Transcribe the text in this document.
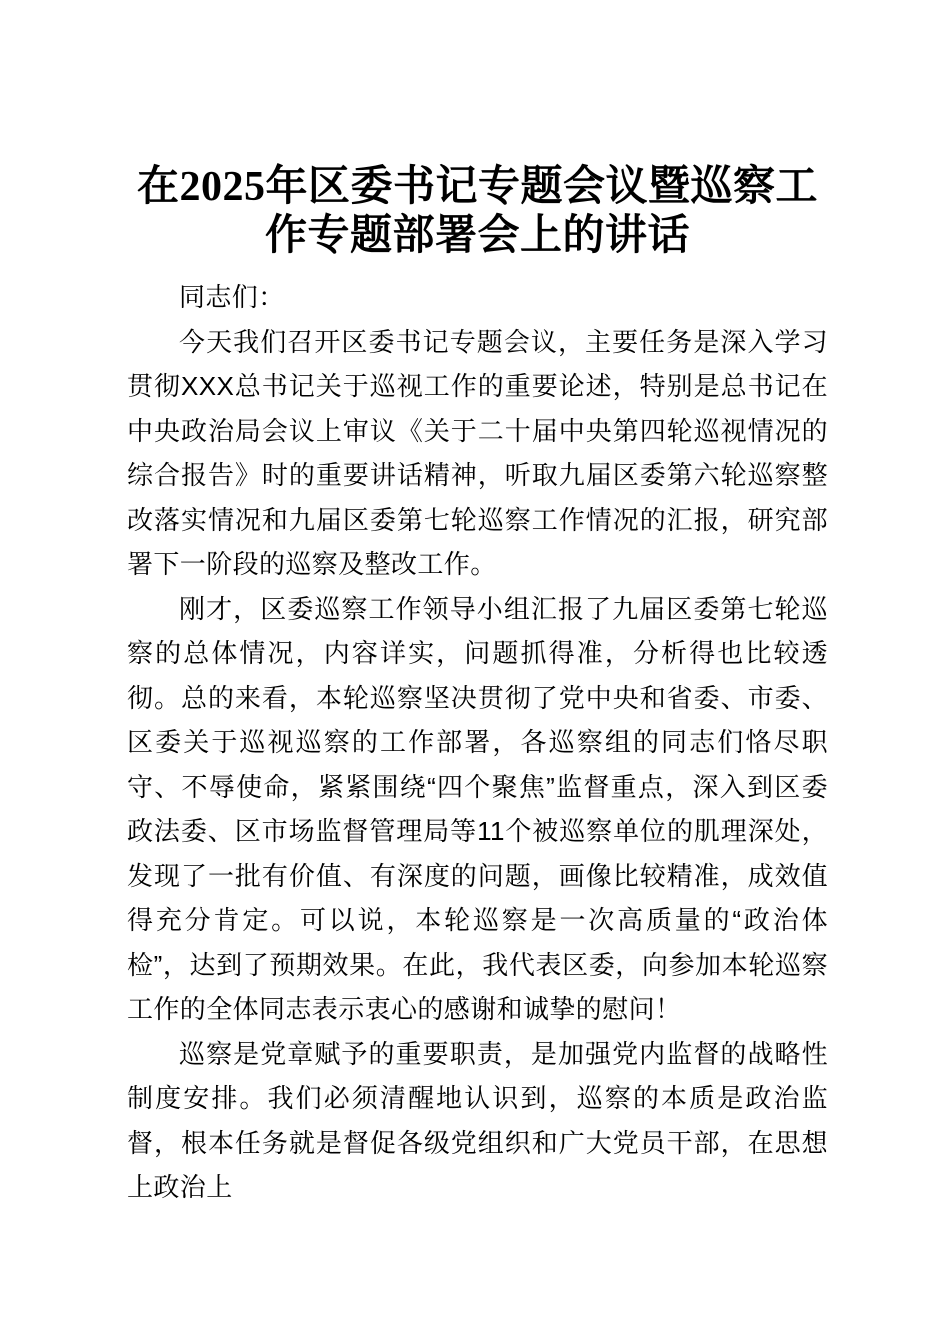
在2025年区委书记专题会议暨巡察工作专题部署会上的讲话

同志们：

今天我们召开区委书记专题会议，主要任务是深入学习贯彻XXX总书记关于巡视工作的重要论述，特别是总书记在中央政治局会议上审议《关于二十届中央第四轮巡视情况的综合报告》时的重要讲话精神，听取九届区委第六轮巡察整改落实情况和九届区委第七轮巡察工作情况的汇报，研究部署下一阶段的巡察及整改工作。

刚才，区委巡察工作领导小组汇报了九届区委第七轮巡察的总体情况，内容详实，问题抓得准，分析得也比较透彻。总的来看，本轮巡察坚决贯彻了党中央和省委、市委、区委关于巡视巡察的工作部署，各巡察组的同志们恪尽职守、不辱使命，紧紧围绕“四个聚焦”监督重点，深入到区委政法委、区市场监督管理局等11个被巡察单位的肌理深处，发现了一批有价值、有深度的问题，画像比较精准，成效值得充分肯定。可以说，本轮巡察是一次高质量的“政治体检”，达到了预期效果。在此，我代表区委，向参加本轮巡察工作的全体同志表示衷心的感谢和诚挚的慰问！

巡察是党章赋予的重要职责，是加强党内监督的战略性制度安排。我们必须清醒地认识到，巡察的本质是政治监督，根本任务就是督促各级党组织和广大党员干部，在思想上政治上
